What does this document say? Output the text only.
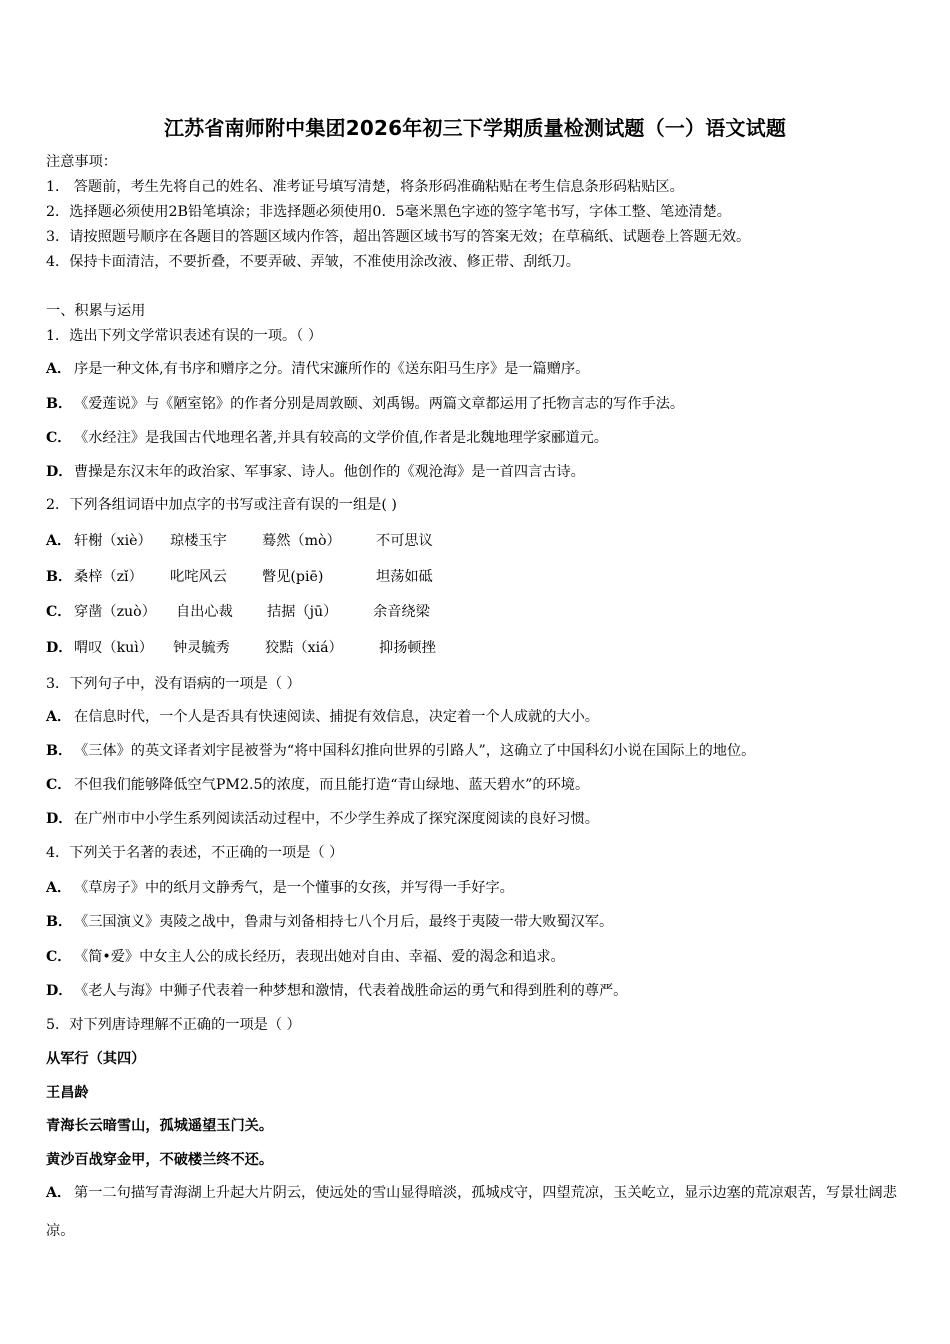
江苏省南师附中集团2026年初三下学期质量检测试题（一）语文试题
注意事项：
1． 答题前，考生先将自己的姓名、准考证号填写清楚，将条形码准确粘贴在考生信息条形码粘贴区。
2．选择题必须使用2B铅笔填涂；非选择题必须使用0．5毫米黑色字迹的签字笔书写，字体工整、笔迹清楚。
3．请按照题号顺序在各题目的答题区域内作答，超出答题区域书写的答案无效；在草稿纸、试题卷上答题无效。
4．保持卡面清洁，不要折叠，不要弄破、弄皱，不准使用涂改液、修正带、刮纸刀。
一、积累与运用
1．选出下列文学常识表述有误的一项。（ ）
A． 序是一种文体,有书序和赠序之分。清代宋濂所作的《送东阳马生序》是一篇赠序。
B． 《爱莲说》与《陋室铭》的作者分别是周敦颐、刘禹锡。两篇文章都运用了托物言志的写作手法。
C． 《水经注》是我国古代地理名著,并具有较高的文学价值,作者是北魏地理学家郦道元。
D． 曹操是东汉末年的政治家、军事家、诗人。他创作的《观沧海》是一首四言古诗。
2．下列各组词语中加点字的书写或注音有误的一组是( )
A． 轩榭（xiè） 琼楼玉宇 蓦然（mò） 不可思议
B． 桑梓（zǐ） 叱咤风云 瞥见(piē)	坦荡如砥
C． 穿凿（zuò） 自出心裁 拮据（jū）	余音绕梁
D． 喟叹（kuì） 钟灵毓秀 狡黠（xiá）	抑扬顿挫
3．下列句子中，没有语病的一项是（ ）
A． 在信息时代，一个人是否具有快速阅读、捕捉有效信息，决定着一个人成就的大小。
B． 《三体》的英文译者刘宇昆被誉为“将中国科幻推向世界的引路人”，这确立了中国科幻小说在国际上的地位。
C． 不但我们能够降低空气PM2.5的浓度，而且能打造“青山绿地、蓝天碧水”的环境。
D． 在广州市中小学生系列阅读活动过程中，不少学生养成了探究深度阅读的良好习惯。
4．下列关于名著的表述，不正确的一项是（ ）
A． 《草房子》中的纸月文静秀气，是一个懂事的女孩，并写得一手好字。
B． 《三国演义》夷陵之战中，鲁肃与刘备相持七八个月后，最终于夷陵一带大败蜀汉军。
C． 《简•爱》中女主人公的成长经历，表现出她对自由、幸福、爱的渴念和追求。
D． 《老人与海》中狮子代表着一种梦想和激情，代表着战胜命运的勇气和得到胜利的尊严。
5．对下列唐诗理解不正确的一项是（ ）
从军行（其四）
王昌龄
青海长云暗雪山，孤城遥望玉门关。
黄沙百战穿金甲，不破楼兰终不还。
A． 第一二句描写青海湖上升起大片阴云，使远处的雪山显得暗淡，孤城戍守，四望荒凉，玉关屹立，显示边塞的荒凉艰苦，写景壮阔悲凉。
